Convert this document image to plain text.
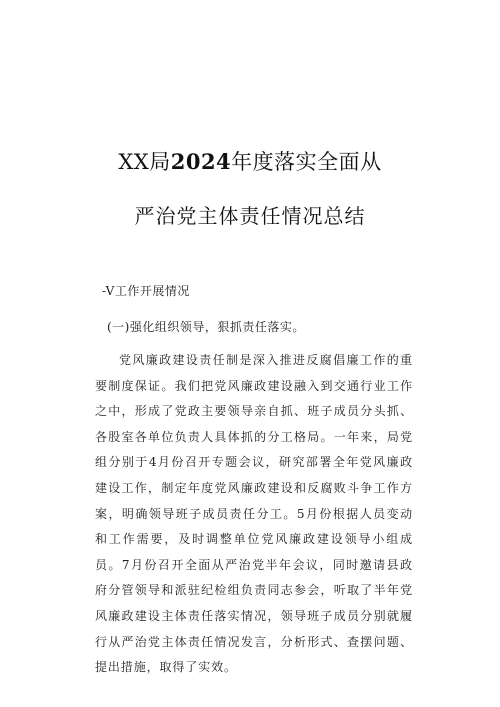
XX局2024年度落实全面从
严治党主体责任情况总结

-V工作开展情况

(一)强化组织领导，狠抓责任落实。

党风廉政建设责任制是深入推进反腐倡廉工作的重要制度保证。我们把党风廉政建设融入到交通行业工作之中，形成了党政主要领导亲自抓、班子成员分头抓、各股室各单位负责人具体抓的分工格局。一年来，局党组分别于4月份召开专题会议，研究部署全年党风廉政建设工作，制定年度党风廉政建设和反腐败斗争工作方案，明确领导班子成员责任分工。5月份根据人员变动和工作需要，及时调整单位党风廉政建设领导小组成员。7月份召开全面从严治党半年会议，同时邀请县政府分管领导和派驻纪检组负责同志参会，听取了半年党风廉政建设主体责任落实情况，领导班子成员分别就履行从严治党主体责任情况发言，分析形式、查摆问题、提出措施，取得了实效。
